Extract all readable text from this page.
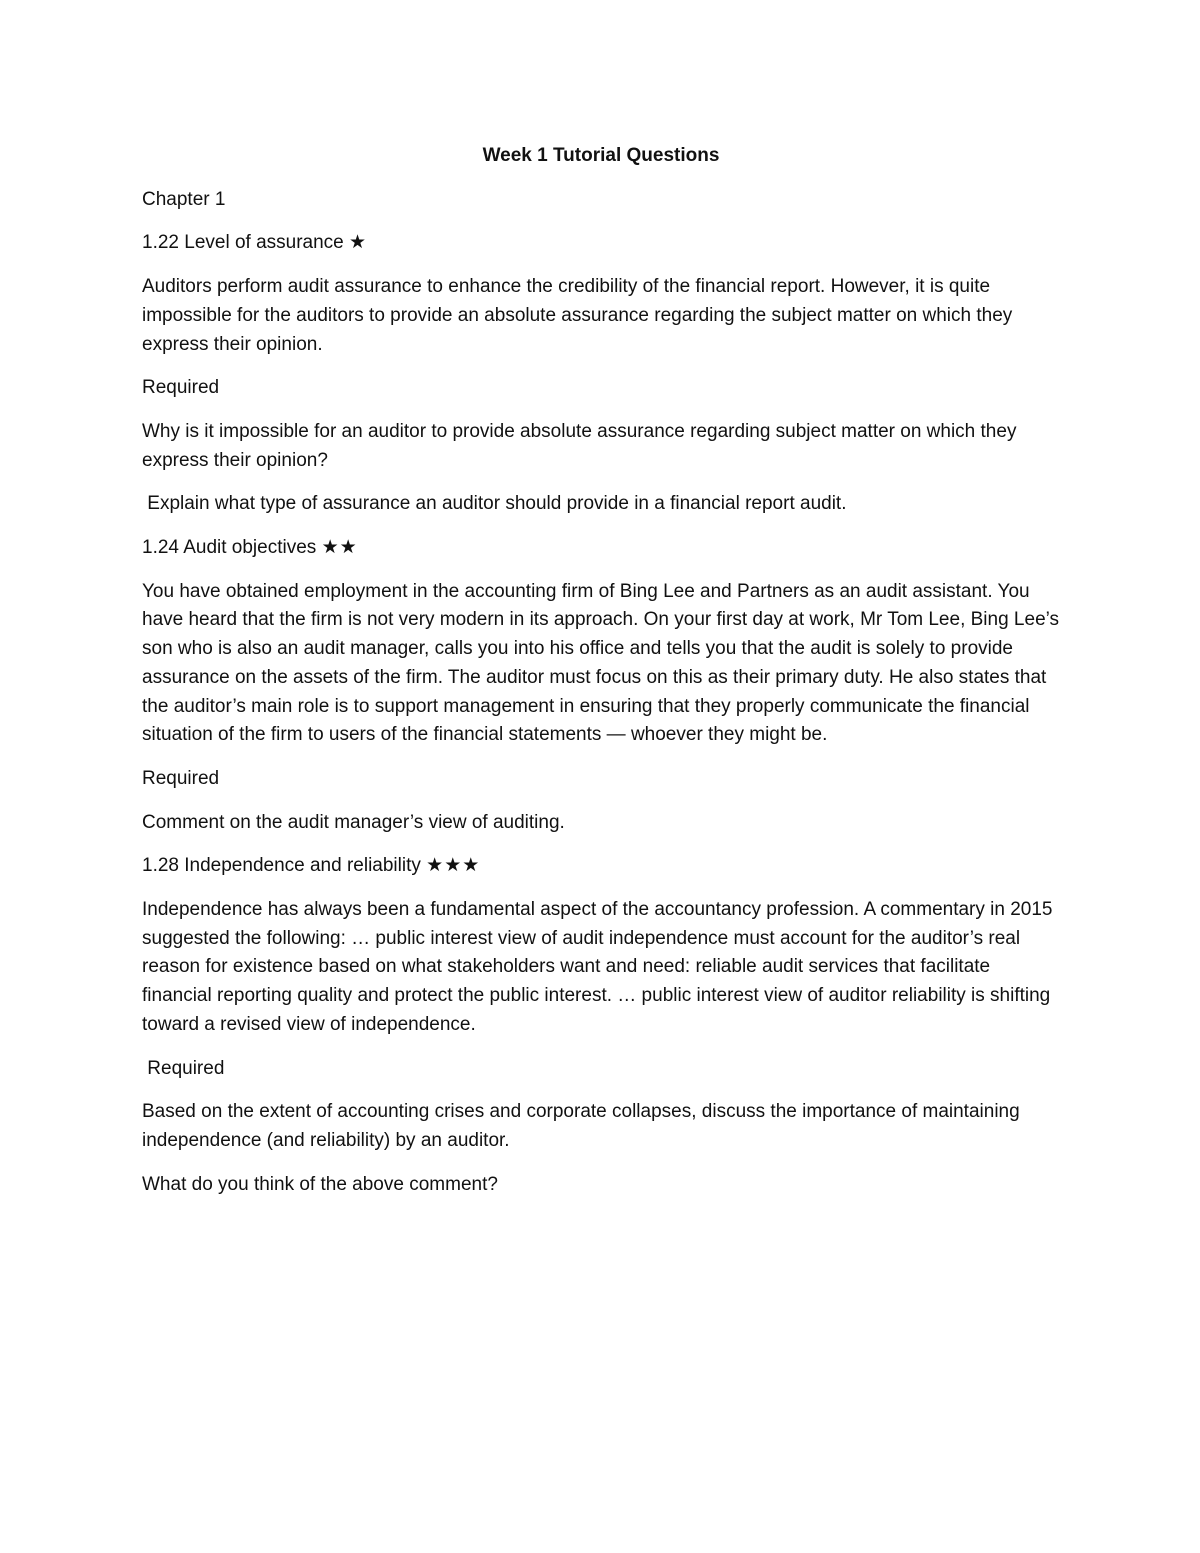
Week 1 Tutorial Questions

Chapter 1

1.22 Level of assurance ★

Auditors perform audit assurance to enhance the credibility of the financial report. However, it is quite impossible for the auditors to provide an absolute assurance regarding the subject matter on which they express their opinion.

Required

Why is it impossible for an auditor to provide absolute assurance regarding subject matter on which they express their opinion?

Explain what type of assurance an auditor should provide in a financial report audit.

1.24 Audit objectives ★★

You have obtained employment in the accounting firm of Bing Lee and Partners as an audit assistant. You have heard that the firm is not very modern in its approach. On your first day at work, Mr Tom Lee, Bing Lee’s son who is also an audit manager, calls you into his office and tells you that the audit is solely to provide assurance on the assets of the firm. The auditor must focus on this as their primary duty. He also states that the auditor’s main role is to support management in ensuring that they properly communicate the financial situation of the firm to users of the financial statements — whoever they might be.

Required

Comment on the audit manager’s view of auditing.

1.28 Independence and reliability ★★★

Independence has always been a fundamental aspect of the accountancy profession. A commentary in 2015 suggested the following: … public interest view of audit independence must account for the auditor’s real reason for existence based on what stakeholders want and need: reliable audit services that facilitate financial reporting quality and protect the public interest. … public interest view of auditor reliability is shifting toward a revised view of independence.

Required

Based on the extent of accounting crises and corporate collapses, discuss the importance of maintaining independence (and reliability) by an auditor.

What do you think of the above comment?
